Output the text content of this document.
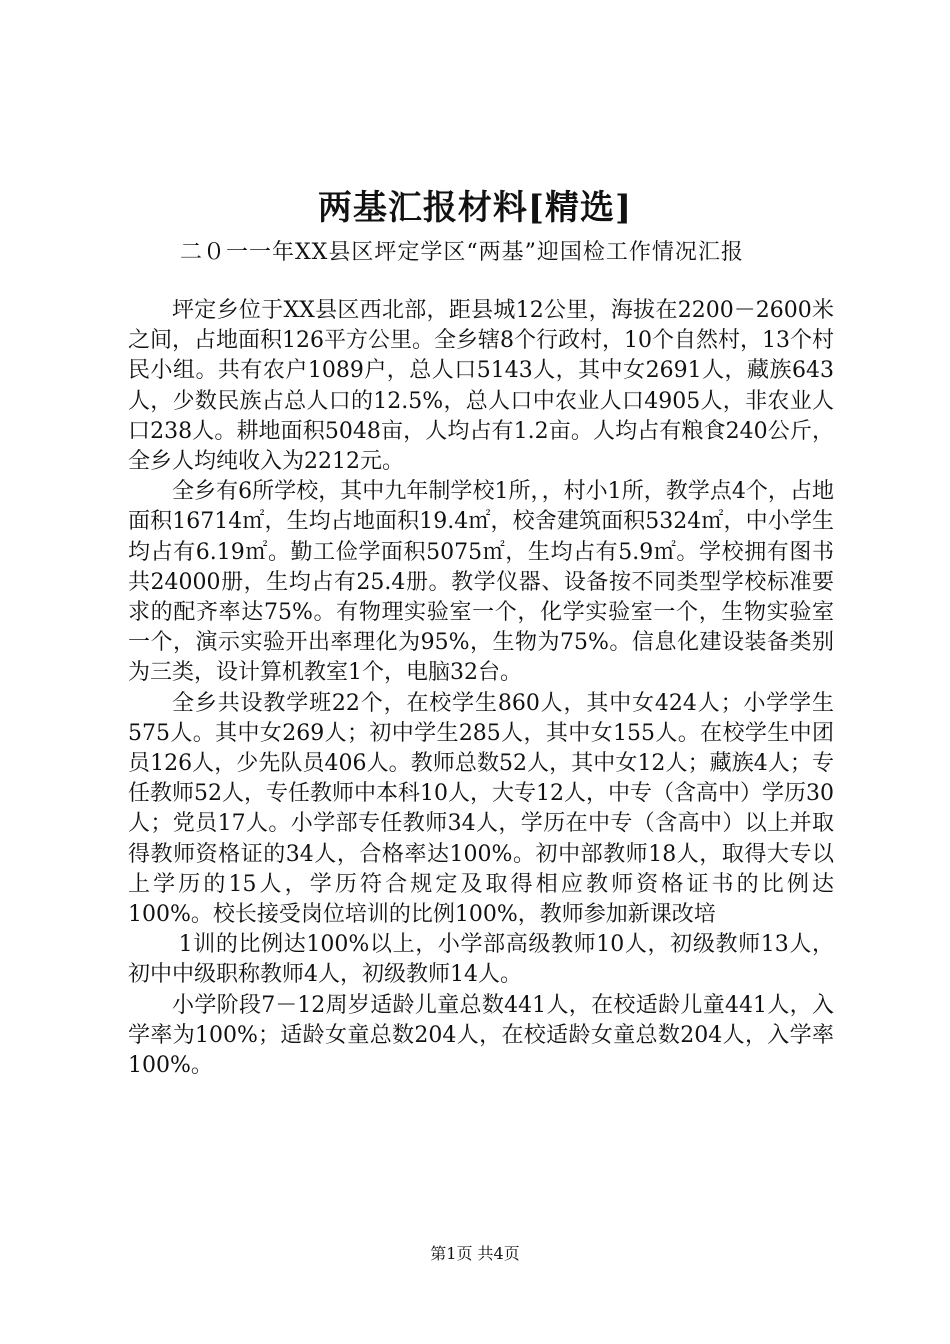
两基汇报材料[精选]
二０一一年XX县区坪定学区“两基”迎国检工作情况汇报

坪定乡位于XX县区西北部，距县城12公里，海拔在2200－2600米之间，占地面积126平方公里。全乡辖8个行政村，10个自然村，13个村民小组。共有农户1089户，总人口5143人，其中女2691人，藏族643人，少数民族占总人口的12.5%，总人口中农业人口4905人，非农业人口238人。耕地面积5048亩，人均占有1.2亩。人均占有粮食240公斤，全乡人均纯收入为2212元。

全乡有6所学校，其中九年制学校1所，，村小1所，教学点4个，占地面积16714㎡，生均占地面积19.4㎡，校舍建筑面积5324㎡，中小学生均占有6.19㎡。勤工俭学面积5075㎡，生均占有5.9㎡。学校拥有图书共24000册，生均占有25.4册。教学仪器、设备按不同类型学校标准要求的配齐率达75%。有物理实验室一个，化学实验室一个，生物实验室一个，演示实验开出率理化为95%，生物为75%。信息化建设装备类别为三类，设计算机教室1个，电脑32台。

全乡共设教学班22个，在校学生860人，其中女424人；小学学生575人。其中女269人；初中学生285人，其中女155人。在校学生中团员126人，少先队员406人。教师总数52人，其中女12人；藏族4人；专任教师52人，专任教师中本科10人，大专12人，中专（含高中）学历30人；党员17人。小学部专任教师34人，学历在中专（含高中）以上并取得教师资格证的34人，合格率达100%。初中部教师18人，取得大专以上学历的15人，学历符合规定及取得相应教师资格证书的比例达100%。校长接受岗位培训的比例100%，教师参加新课改培

1训的比例达100%以上，小学部高级教师10人，初级教师13人，初中中级职称教师4人，初级教师14人。

小学阶段7－12周岁适龄儿童总数441人，在校适龄儿童441人，入学率为100%；适龄女童总数204人，在校适龄女童总数204人，入学率100%。

第1页 共4页
